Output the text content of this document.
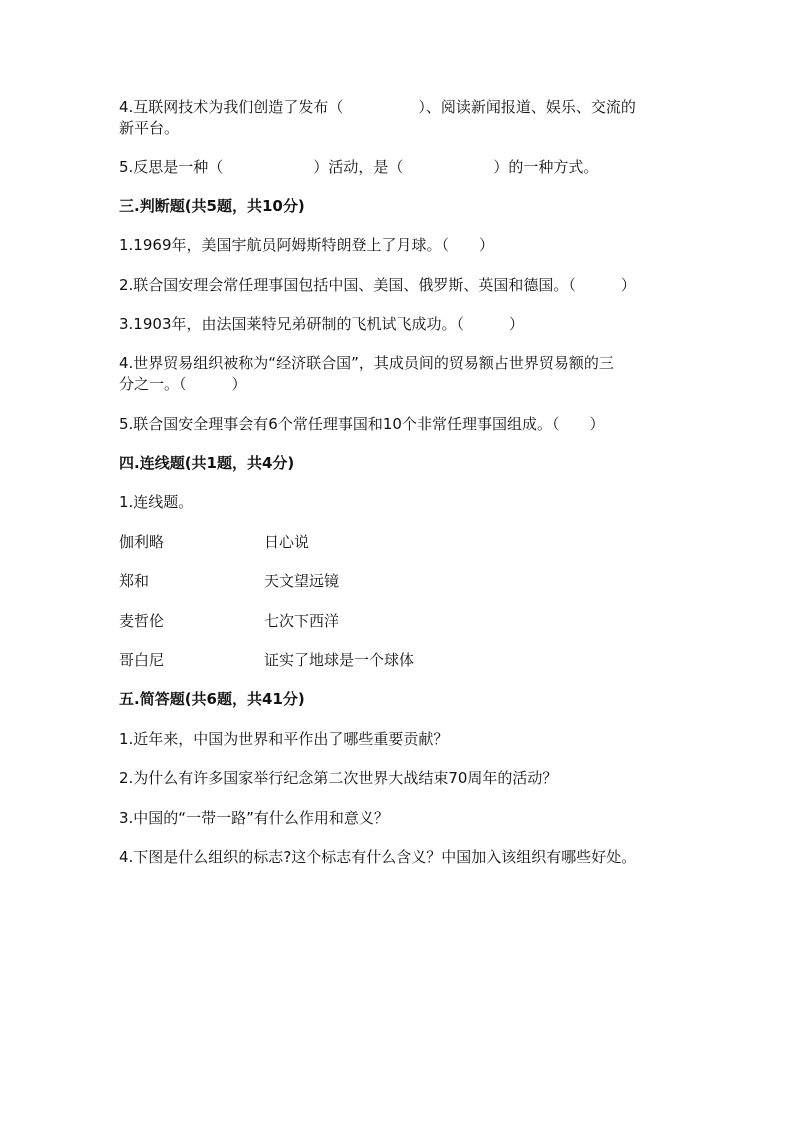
4.互联网技术为我们创造了发布（　　　　　）、阅读新闻报道、娱乐、交流的
新平台。
5.反思是一种（　　　　　　）活动，是（　　　　　　）的一种方式。
三.判断题(共5题，共10分)
1.1969年，美国宇航员阿姆斯特朗登上了月球。（　　）
2.联合国安理会常任理事国包括中国、美国、俄罗斯、英国和德国。（　　　）
3.1903年，由法国莱特兄弟研制的飞机试飞成功。（　　　）
4.世界贸易组织被称为“经济联合国”，其成员间的贸易额占世界贸易额的三
分之一。（　　　）
5.联合国安全理事会有6个常任理事国和10个非常任理事国组成。（　　）
四.连线题(共1题，共4分)
1.连线题。
伽利略	日心说
郑和	天文望远镜
麦哲伦	七次下西洋
哥白尼	证实了地球是一个球体
五.简答题(共6题，共41分)
1.近年来，中国为世界和平作出了哪些重要贡献？
2.为什么有许多国家举行纪念第二次世界大战结束70周年的活动？
3.中国的“一带一路”有什么作用和意义？
4.下图是什么组织的标志?这个标志有什么含义？中国加入该组织有哪些好处。
